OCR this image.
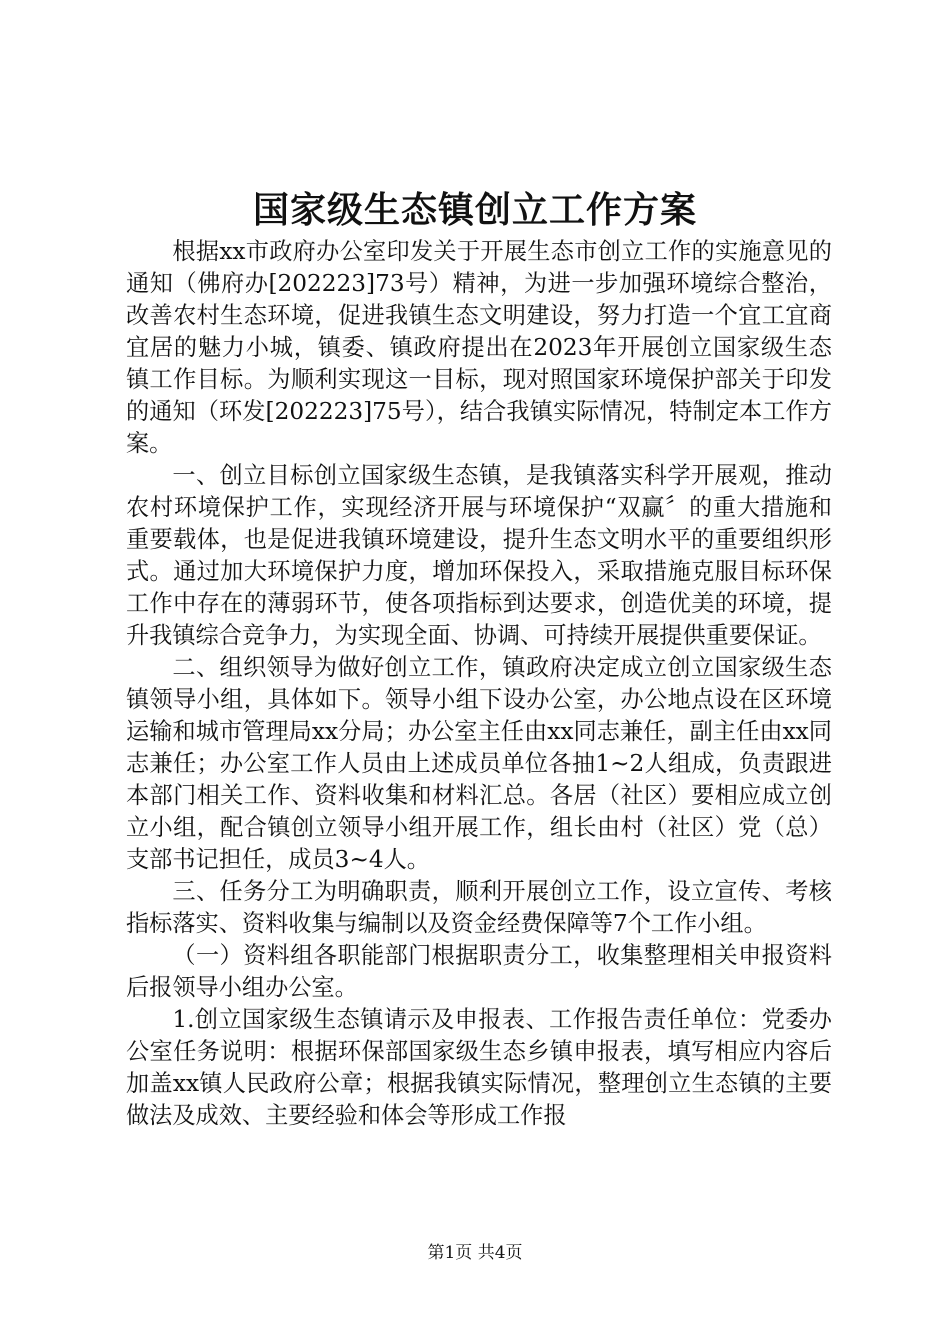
国家级生态镇创立工作方案

根据xx市政府办公室印发关于开展生态市创立工作的实施意见的通知（佛府办[202223]73号）精神，为进一步加强环境综合整治，改善农村生态环境，促进我镇生态文明建设，努力打造一个宜工宜商宜居的魅力小城，镇委、镇政府提出在2023年开展创立国家级生态镇工作目标。为顺利实现这一目标，现对照国家环境保护部关于印发的通知（环发[202223]75号），结合我镇实际情况，特制定本工作方案。

一、创立目标创立国家级生态镇，是我镇落实科学开展观，推动农村环境保护工作，实现经济开展与环境保护“双赢〞的重大措施和重要载体，也是促进我镇环境建设，提升生态文明水平的重要组织形式。通过加大环境保护力度，增加环保投入，采取措施克服目标环保工作中存在的薄弱环节，使各项指标到达要求，创造优美的环境，提升我镇综合竞争力，为实现全面、协调、可持续开展提供重要保证。

二、组织领导为做好创立工作，镇政府决定成立创立国家级生态镇领导小组，具体如下。领导小组下设办公室，办公地点设在区环境运输和城市管理局xx分局；办公室主任由xx同志兼任，副主任由xx同志兼任；办公室工作人员由上述成员单位各抽1~2人组成，负责跟进本部门相关工作、资料收集和材料汇总。各居（社区）要相应成立创立小组，配合镇创立领导小组开展工作，组长由村（社区）党（总）支部书记担任，成员3~4人。

三、任务分工为明确职责，顺利开展创立工作，设立宣传、考核指标落实、资料收集与编制以及资金经费保障等7个工作小组。

（一）资料组各职能部门根据职责分工，收集整理相关申报资料后报领导小组办公室。

1.创立国家级生态镇请示及申报表、工作报告责任单位：党委办公室任务说明：根据环保部国家级生态乡镇申报表，填写相应内容后加盖xx镇人民政府公章；根据我镇实际情况，整理创立生态镇的主要做法及成效、主要经验和体会等形成工作报

第1页 共4页
